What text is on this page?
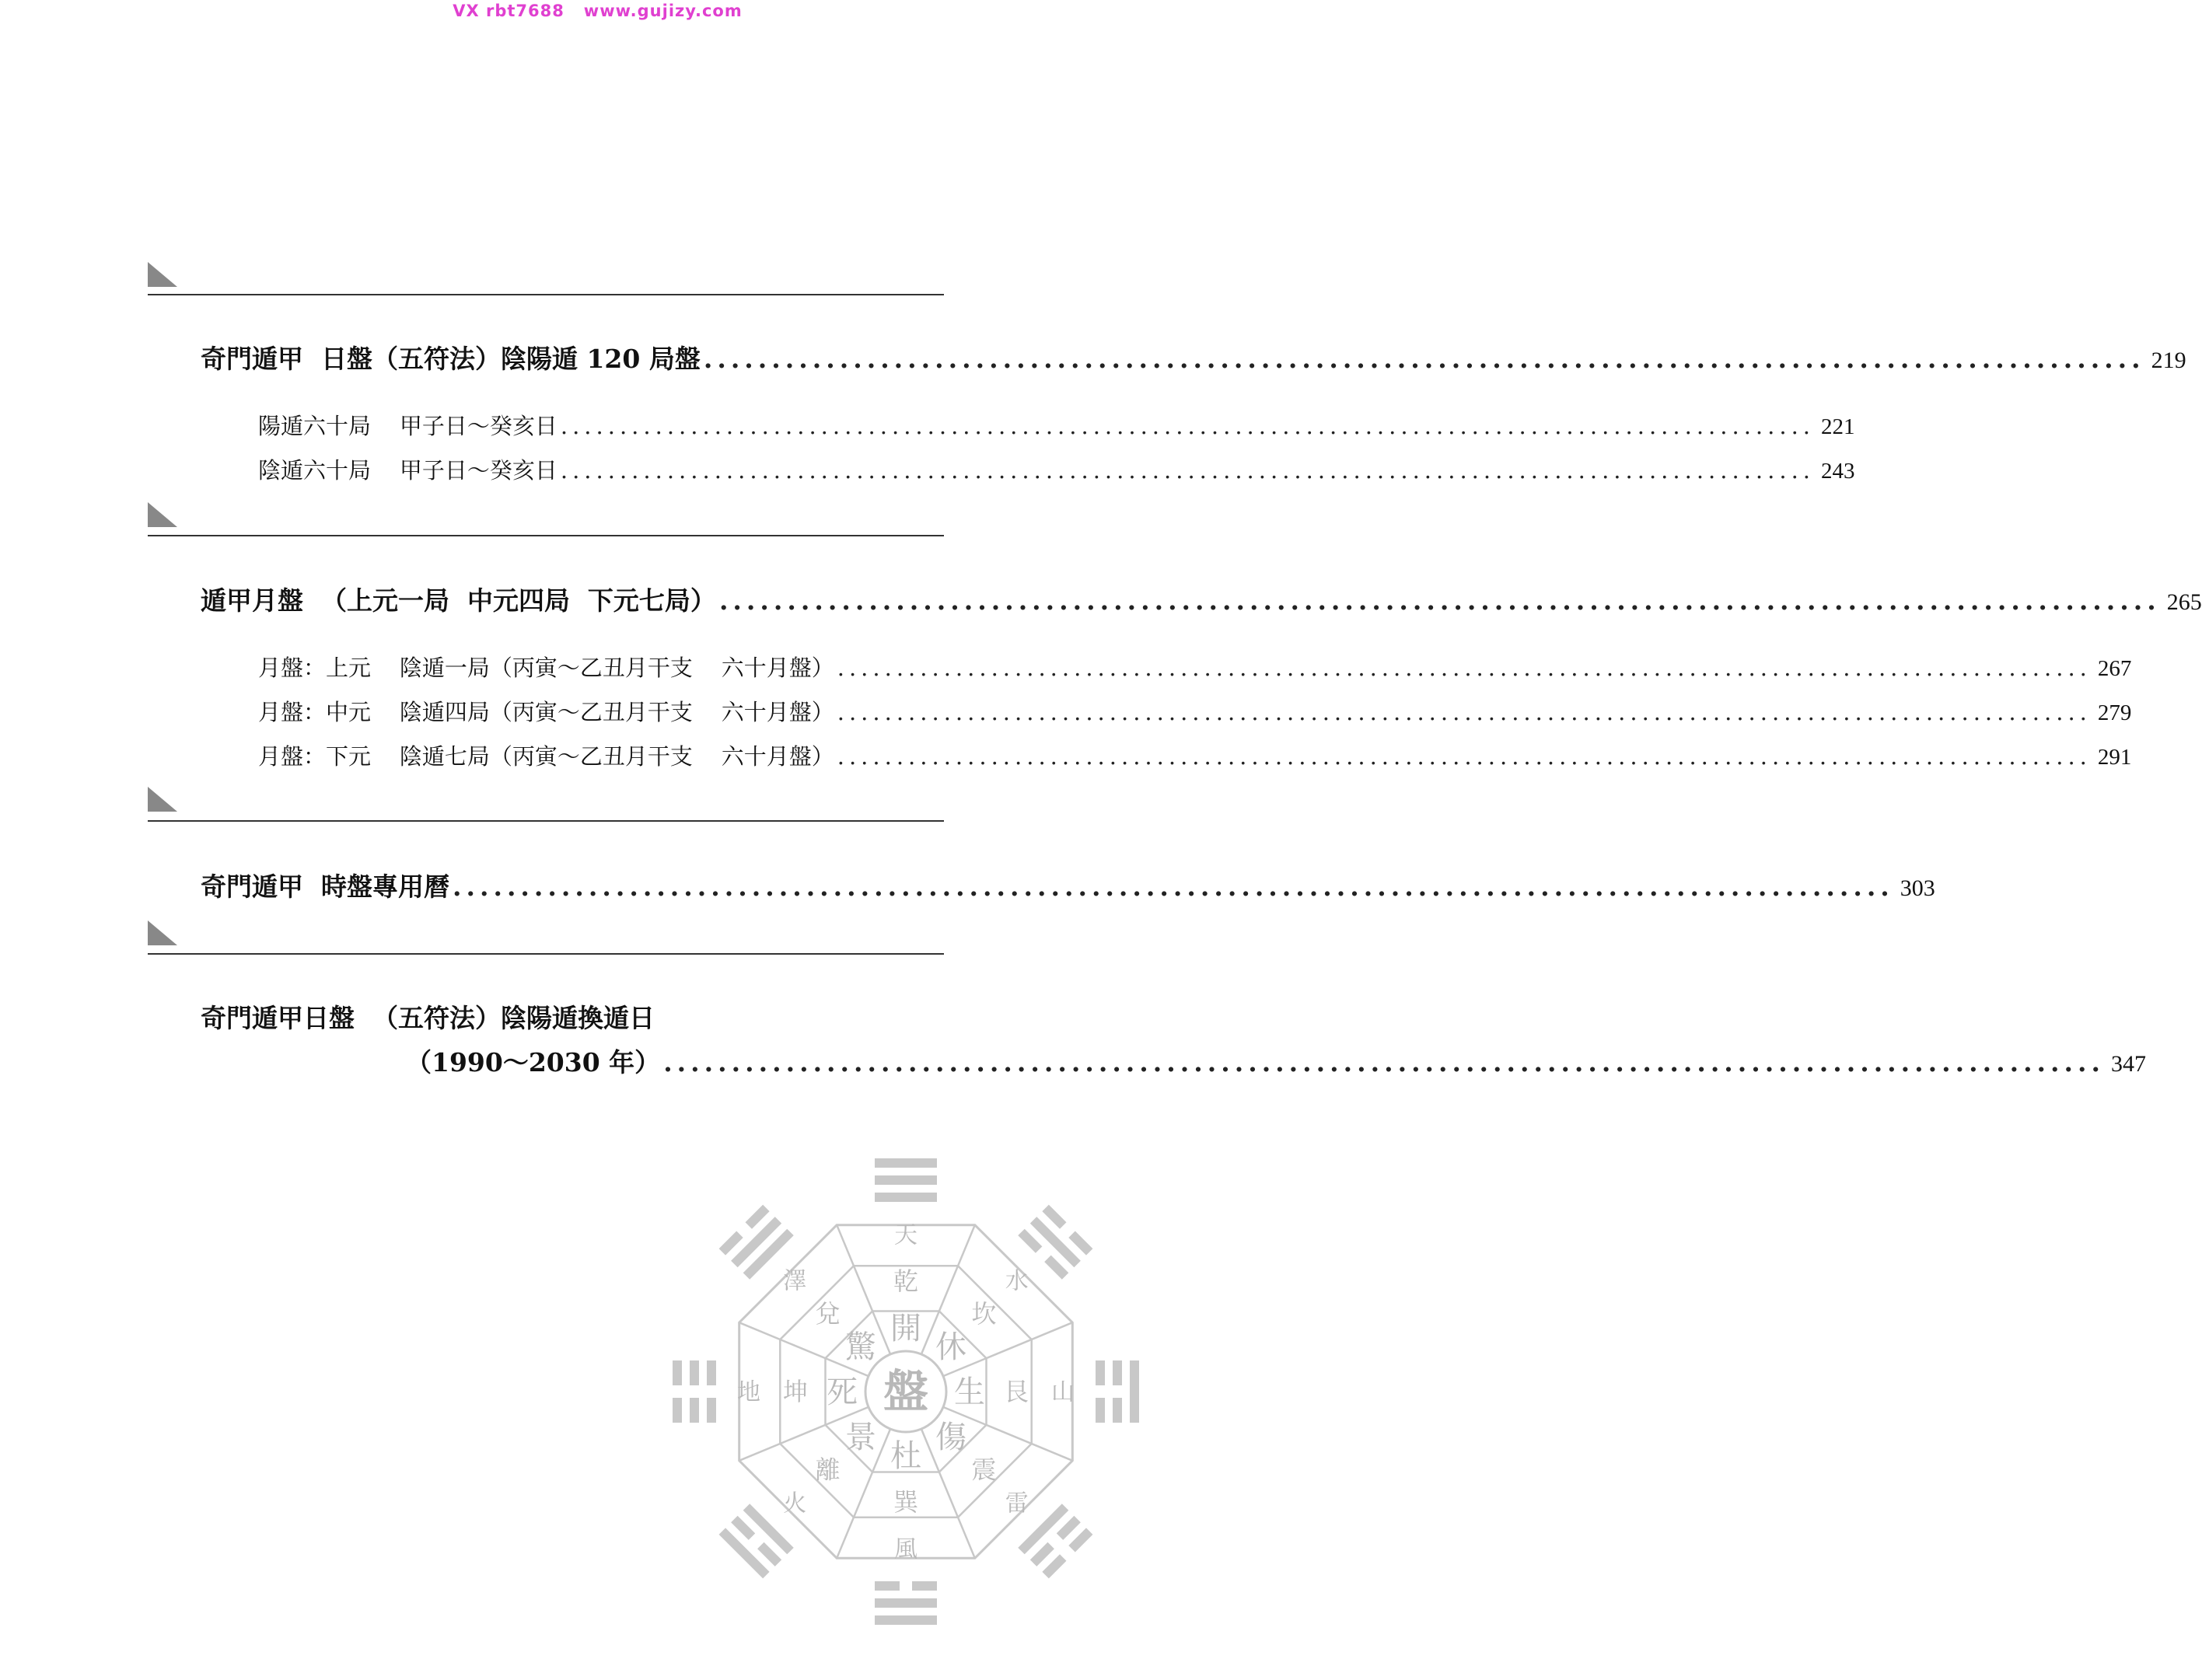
VX rbt7688   www.gujizy.com
奇門遁甲  日盤（五符法）陰陽遁 120 局盤 .......................................................................................................... 219
陽遁六十局    甲子日～癸亥日 .......................................................................................................... 221
陰遁六十局    甲子日～癸亥日 .......................................................................................................... 243
遁甲月盤  （上元一局  中元四局  下元七局） .......................................................................................................... 265
月盤：上元    陰遁一局（丙寅～乙丑月干支    六十月盤） .......................................................................................................... 267
月盤：中元    陰遁四局（丙寅～乙丑月干支    六十月盤） .......................................................................................................... 279
月盤：下元    陰遁七局（丙寅～乙丑月干支    六十月盤） .......................................................................................................... 291
奇門遁甲  時盤專用曆 .......................................................................................................... 303
奇門遁甲日盤  （五符法）陰陽遁換遁日
（1990～2030 年） .......................................................................................................... 347
盤
開
休
生
傷
杜
景
死
驚
乾
坎
艮
震
巽
離
坤
兌
天
水
山
雷
風
火
地
澤
